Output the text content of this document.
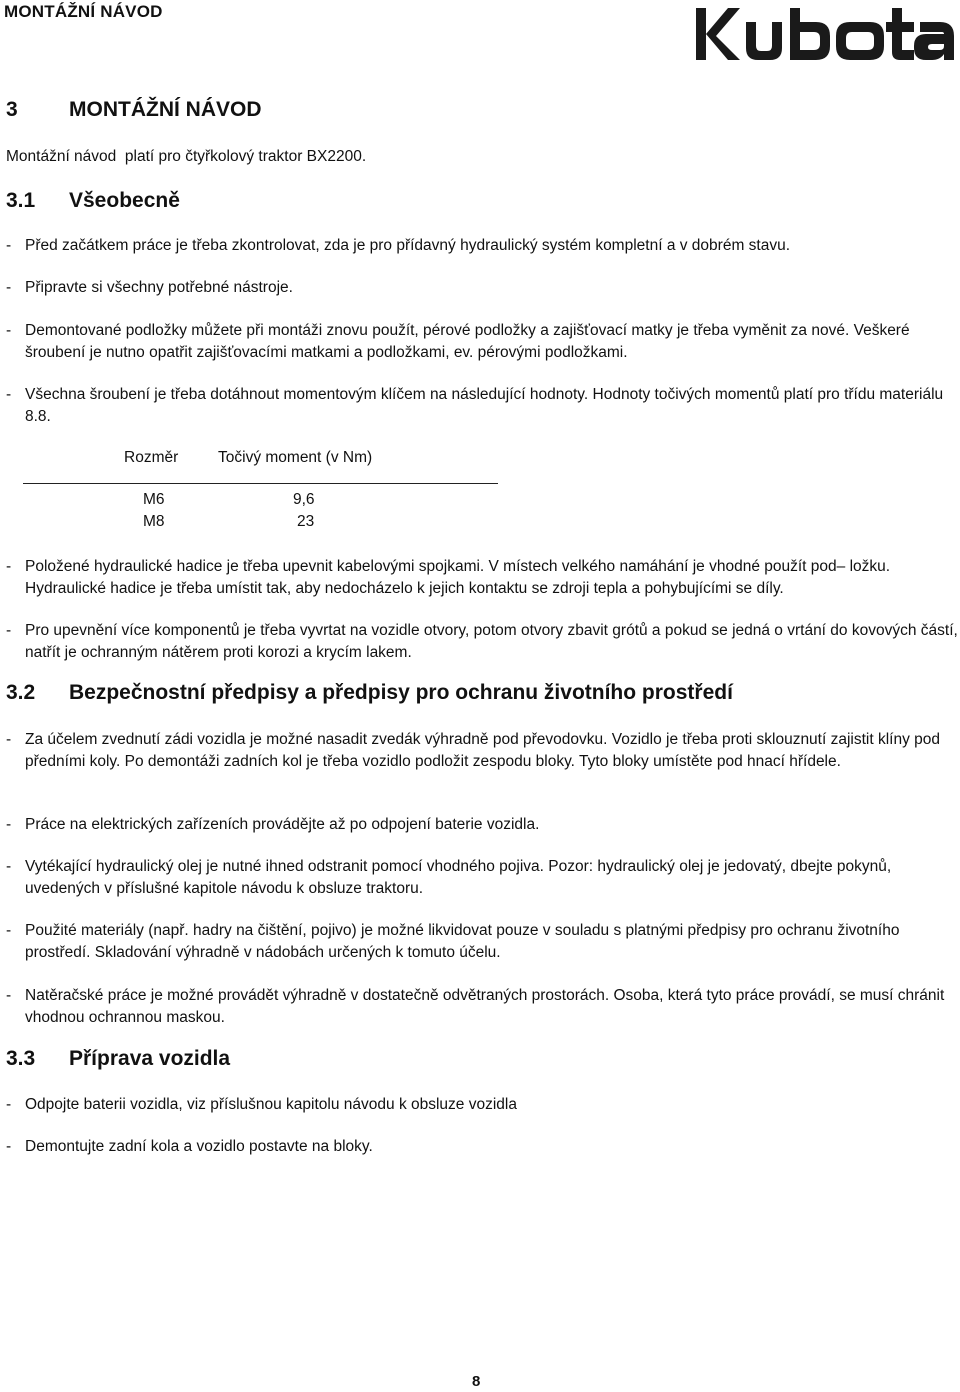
MONTÁŽNÍ NÁVOD
3 MONTÁŽNÍ NÁVOD
Montážní návod  platí pro čtyřkolový traktor BX2200.
3.1 Všeobecně
- Před začátkem práce je třeba zkontrolovat, zda je pro přídavný hydraulický systém kompletní a v dobrém stavu.
- Připravte si všechny potřebné nástroje.
- Demontované podložky můžete při montáži znovu použít, pérové podložky a zajišťovací matky je třeba vyměnit za nové. Veškeré šroubení je nutno opatřit zajišťovacími matkami a podložkami, ev. pérovými podložkami.
- Všechna šroubení je třeba dotáhnout momentovým klíčem na následující hodnoty. Hodnoty točivých momentů platí pro třídu materiálu 8.8.
Rozměr	Točivý moment (v Nm)
M6	9,6
M8	23
- Položené hydraulické hadice je třeba upevnit kabelovými spojkami. V místech velkého namáhání je vhodné použít pod– ložku. Hydraulické hadice je třeba umístit tak, aby nedocházelo k jejich kontaktu se zdroji tepla a pohybujícími se díly.
- Pro upevnění více komponentů je třeba vyvrtat na vozidle otvory, potom otvory zbavit grótů a pokud se jedná o vrtání do kovových částí, natřít je ochranným nátěrem proti korozi a krycím lakem.
3.2 Bezpečnostní předpisy a předpisy pro ochranu životního prostředí
- Za účelem zvednutí zádi vozidla je možné nasadit zvedák výhradně pod převodovku. Vozidlo je třeba proti sklouznutí zajistit klíny pod předními koly. Po demontáži zadních kol je třeba vozidlo podložit zespodu bloky. Tyto bloky umístěte pod hnací hřídele.
- Práce na elektrických zařízeních provádějte až po odpojení baterie vozidla.
- Vytékající hydraulický olej je nutné ihned odstranit pomocí vhodného pojiva. Pozor: hydraulický olej je jedovatý, dbejte pokynů, uvedených v příslušné kapitole návodu k obsluze traktoru.
- Použité materiály (např. hadry na čištění, pojivo) je možné likvidovat pouze v souladu s platnými předpisy pro ochranu životního prostředí. Skladování výhradně v nádobách určených k tomuto účelu.
- Natěračské práce je možné provádět výhradně v dostatečně odvětraných prostorách. Osoba, která tyto práce provádí, se musí chránit vhodnou ochrannou maskou.
3.3 Příprava vozidla
- Odpojte baterii vozidla, viz příslušnou kapitolu návodu k obsluze vozidla
- Demontujte zadní kola a vozidlo postavte na bloky.
8
